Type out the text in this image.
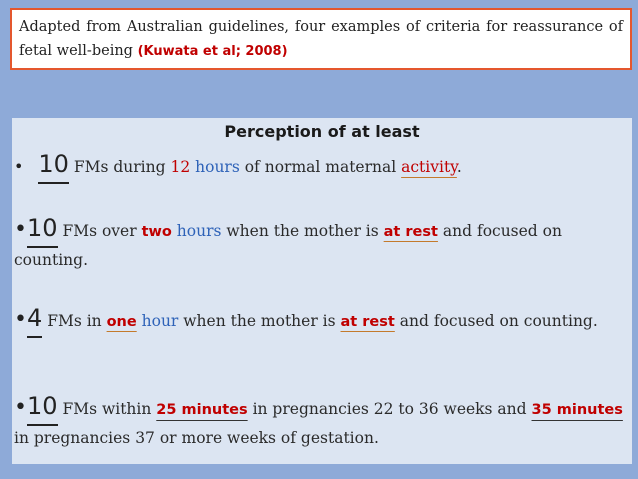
Adapted from Australian guidelines, four examples of criteria for reassurance of fetal well-being (Kuwata et al; 2008)
Perception of at least
• 10
FMs during 12 hours of normal maternal activity.
•10
FMs over two hours when the mother is at rest and focused on counting.
•4
FMs in one hour when the mother is at rest and focused on counting.
•10
FMs within 25 minutes in pregnancies 22 to 36 weeks and 35 minutes in pregnancies 37 or more weeks of gestation.
